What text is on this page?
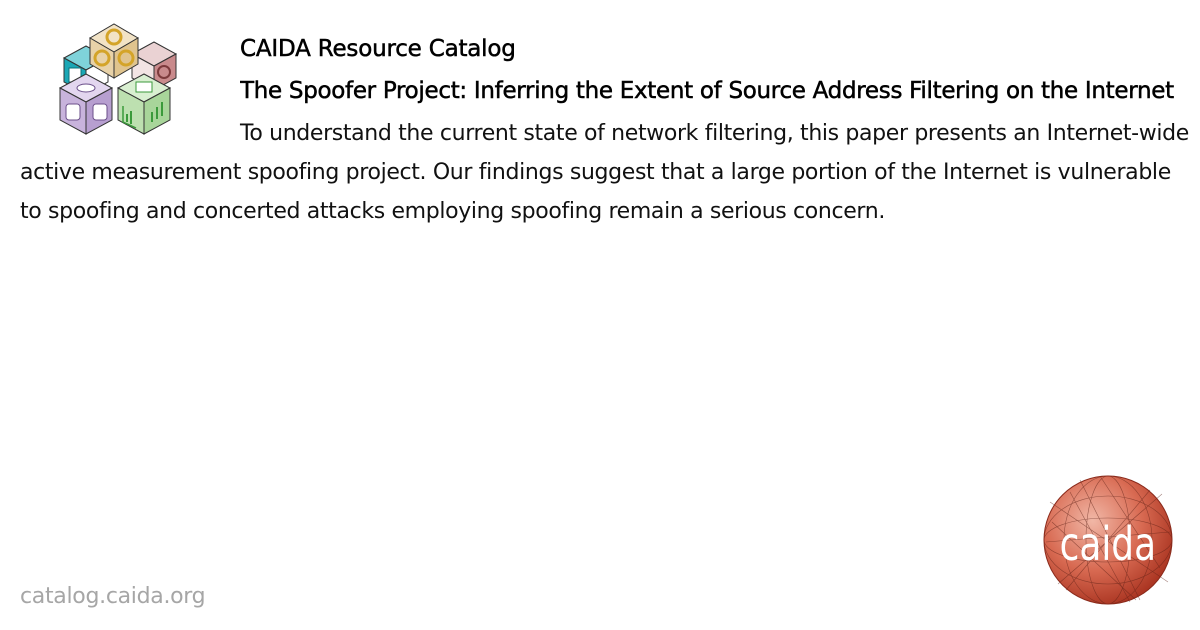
CAIDA Resource Catalog
The Spoofer Project: Inferring the Extent of Source Address Filtering on the Internet

To understand the current state of network filtering, this paper presents an Internet-wide active measurement spoofing project. Our findings suggest that a large portion of the Internet is vulnerable to spoofing and concerted attacks employing spoofing remain a serious concern.

catalog.caida.org
caida
